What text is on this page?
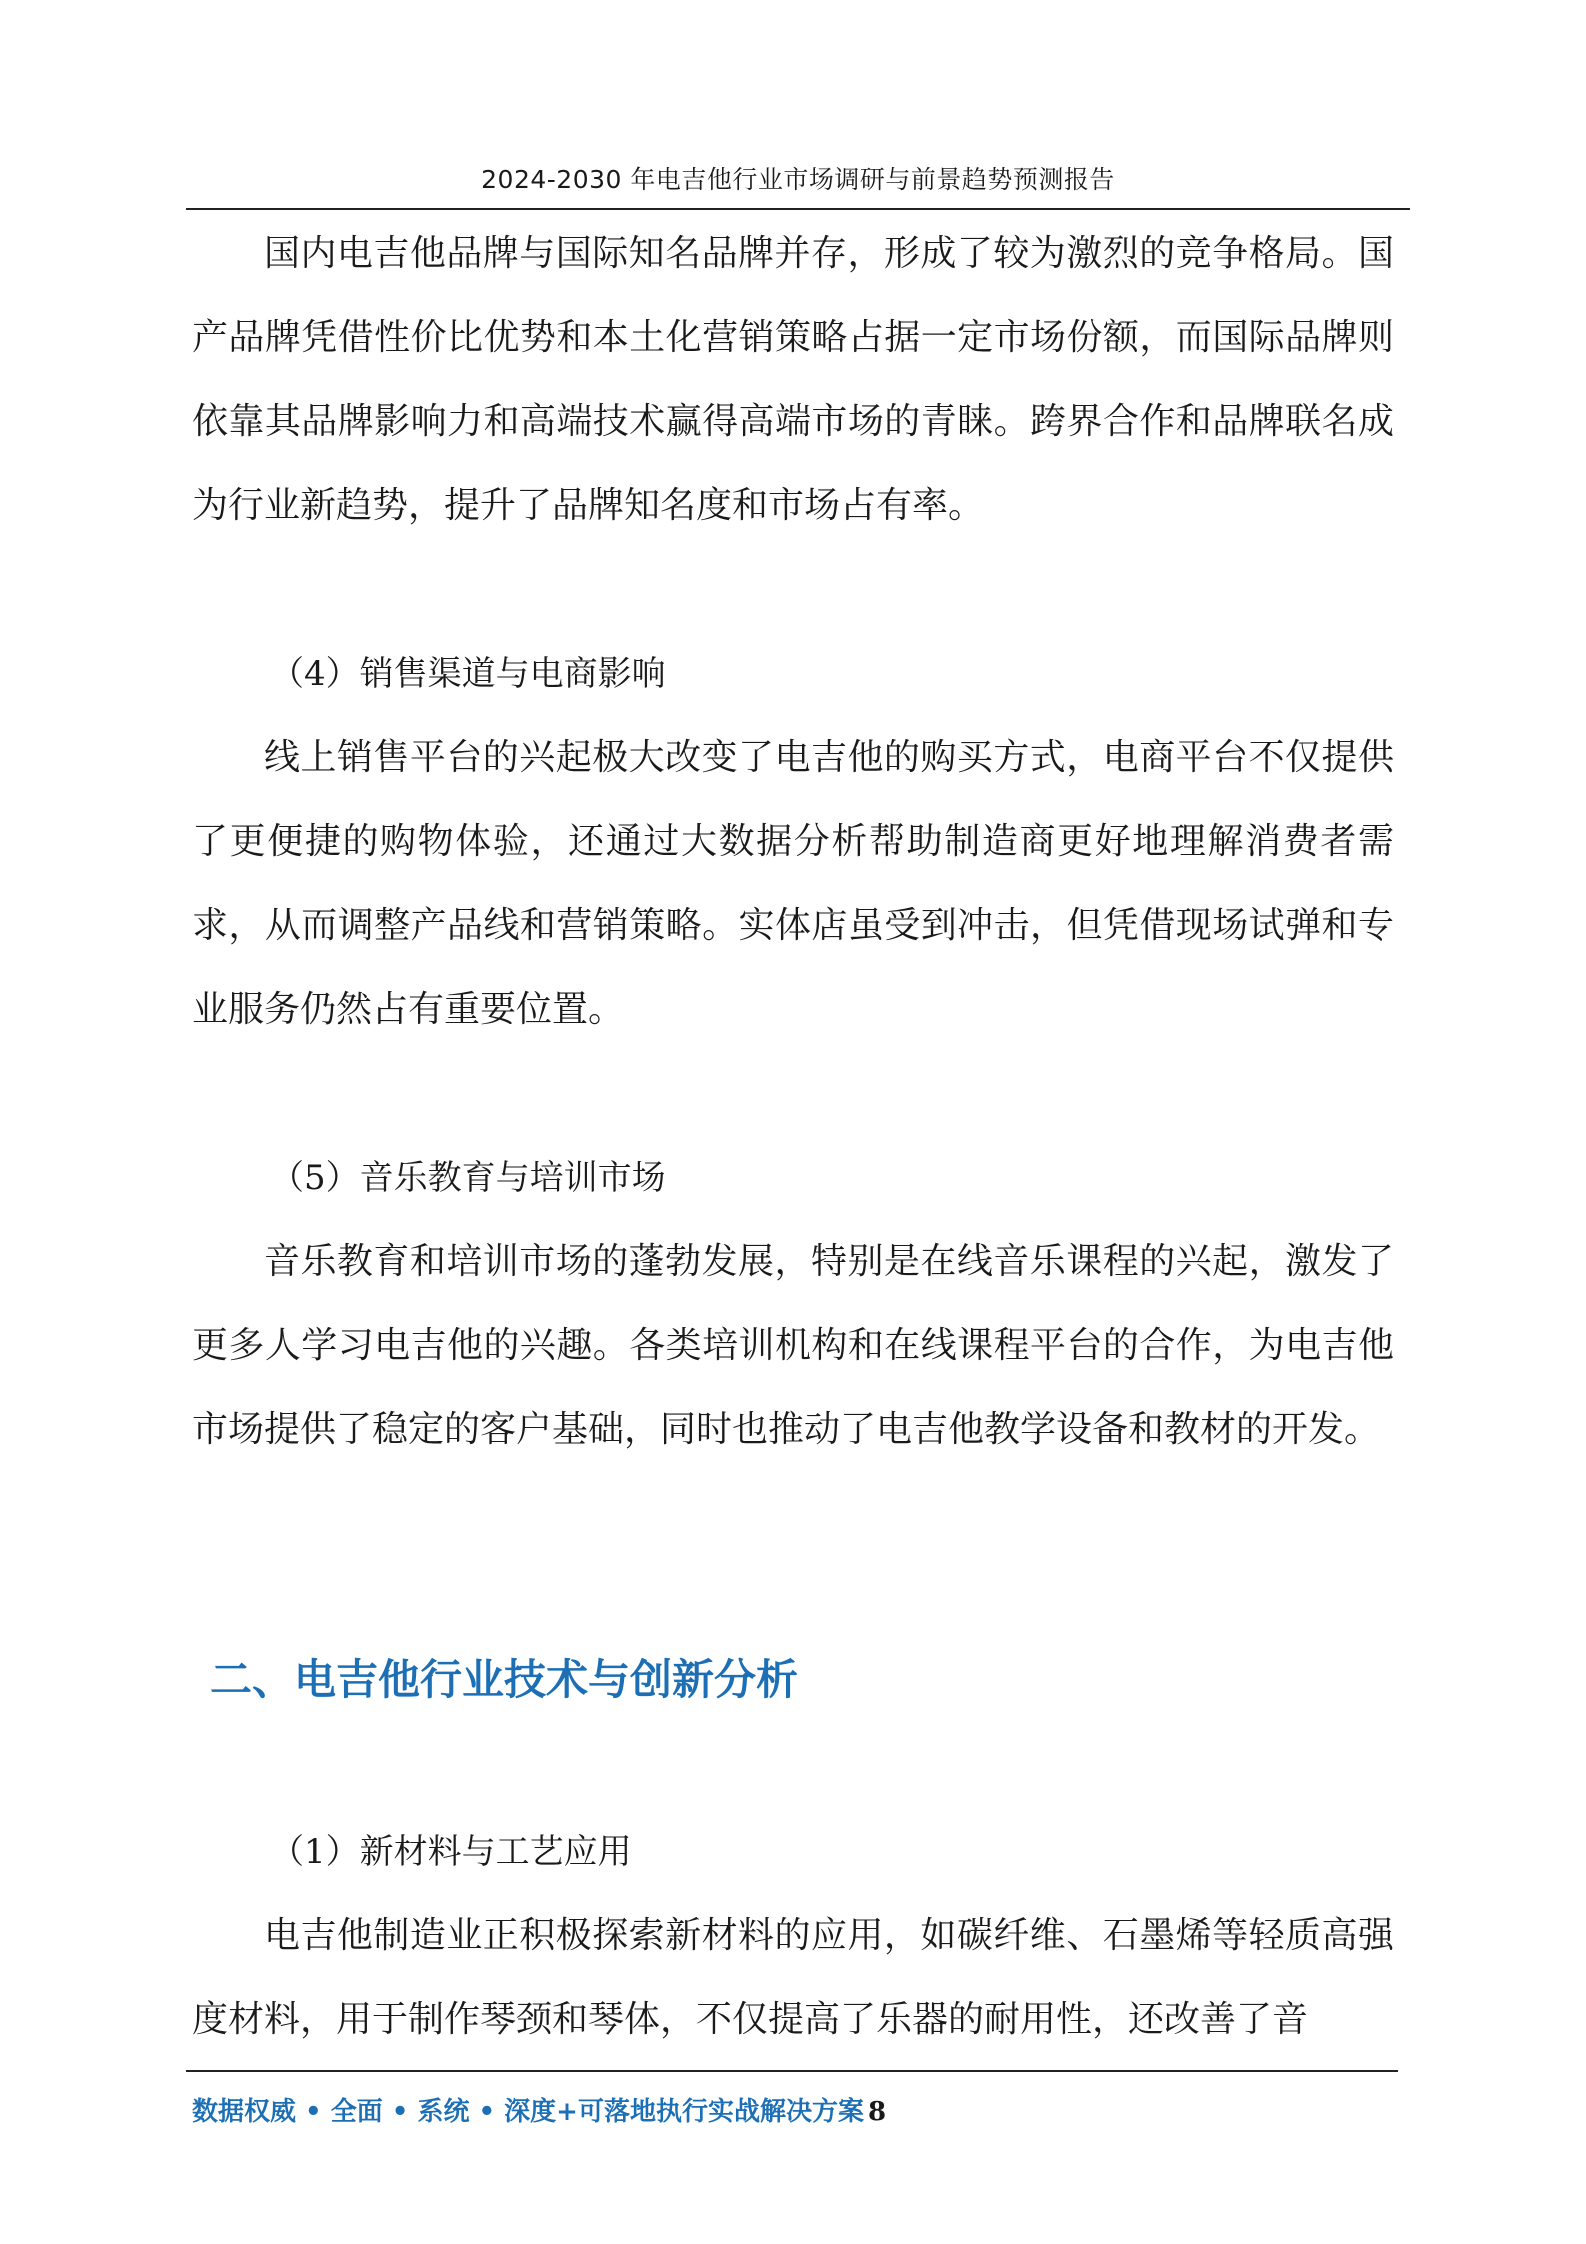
2024-2030 年电吉他行业市场调研与前景趋势预测报告

国内电吉他品牌与国际知名品牌并存，形成了较为激烈的竞争格局。国产品牌凭借性价比优势和本土化营销策略占据一定市场份额，而国际品牌则依靠其品牌影响力和高端技术赢得高端市场的青睐。跨界合作和品牌联名成为行业新趋势，提升了品牌知名度和市场占有率。

（4）销售渠道与电商影响

线上销售平台的兴起极大改变了电吉他的购买方式，电商平台不仅提供了更便捷的购物体验，还通过大数据分析帮助制造商更好地理解消费者需求，从而调整产品线和营销策略。实体店虽受到冲击，但凭借现场试弹和专业服务仍然占有重要位置。

（5）音乐教育与培训市场

音乐教育和培训市场的蓬勃发展，特别是在线音乐课程的兴起，激发了更多人学习电吉他的兴趣。各类培训机构和在线课程平台的合作，为电吉他市场提供了稳定的客户基础，同时也推动了电吉他教学设备和教材的开发。

二、电吉他行业技术与创新分析

（1）新材料与工艺应用

电吉他制造业正积极探索新材料的应用，如碳纤维、石墨烯等轻质高强度材料，用于制作琴颈和琴体，不仅提高了乐器的耐用性，还改善了音

数据权威 • 全面 • 系统 • 深度+可落地执行实战解决方案 8
